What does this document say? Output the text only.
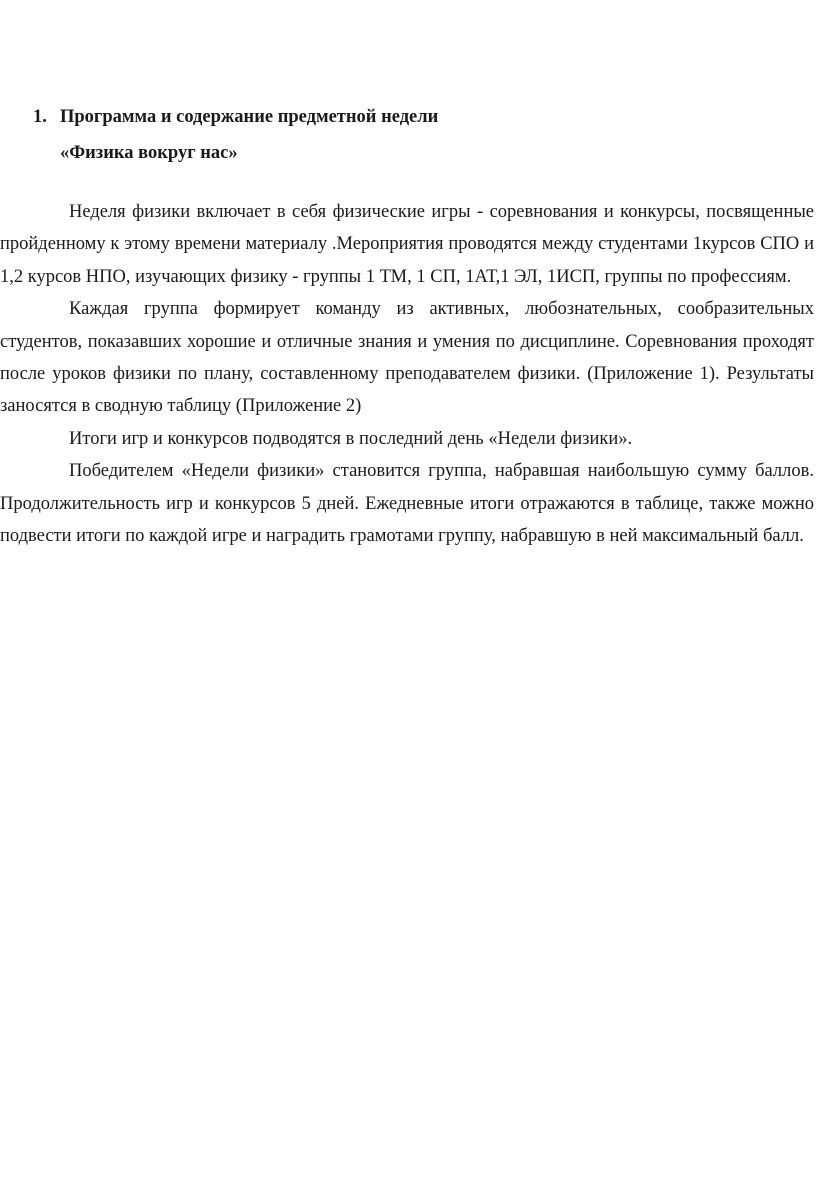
1. Программа и содержание предметной недели
«Физика вокруг нас»

Неделя физики включает в себя физические игры - соревнования и конкурсы, посвященные пройденному к этому времени материалу .Мероприятия проводятся между студентами 1курсов СПО и 1,2 курсов НПО, изучающих физику - группы 1 ТМ, 1 СП, 1АТ,1 ЭЛ, 1ИСП, группы по профессиям.

Каждая группа формирует команду из активных, любознательных, сообразительных студентов, показавших хорошие и отличные знания и умения по дисциплине. Соревнования проходят после уроков физики по плану, составленному преподавателем физики. (Приложение 1). Результаты заносятся в сводную таблицу (Приложение 2)

Итоги игр и конкурсов подводятся в последний день «Недели физики».

Победителем «Недели физики» становится группа, набравшая наибольшую сумму баллов. Продолжительность игр и конкурсов 5 дней. Ежедневные итоги отражаются в таблице, также можно подвести итоги по каждой игре и наградить грамотами группу, набравшую в ней максимальный балл.
